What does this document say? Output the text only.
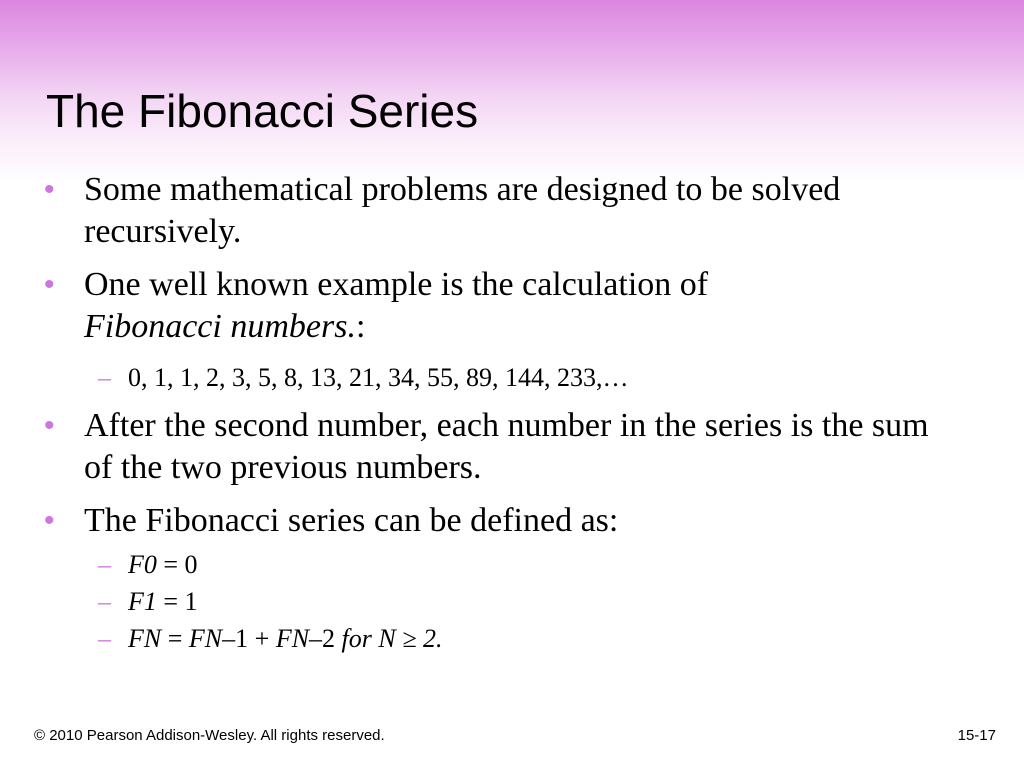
The Fibonacci Series
• Some mathematical problems are designed to be solved recursively.
• One well known example is the calculation of
Fibonacci numbers.:
– 0, 1, 1, 2, 3, 5, 8, 13, 21, 34, 55, 89, 144, 233,…
• After the second number, each number in the series is the sum of the two previous numbers.
• The Fibonacci series can be defined as:
– F0 = 0
– F1 = 1
– FN = FN–1 + FN–2 for N ≥ 2.
© 2010 Pearson Addison-Wesley. All rights reserved.	15-17
